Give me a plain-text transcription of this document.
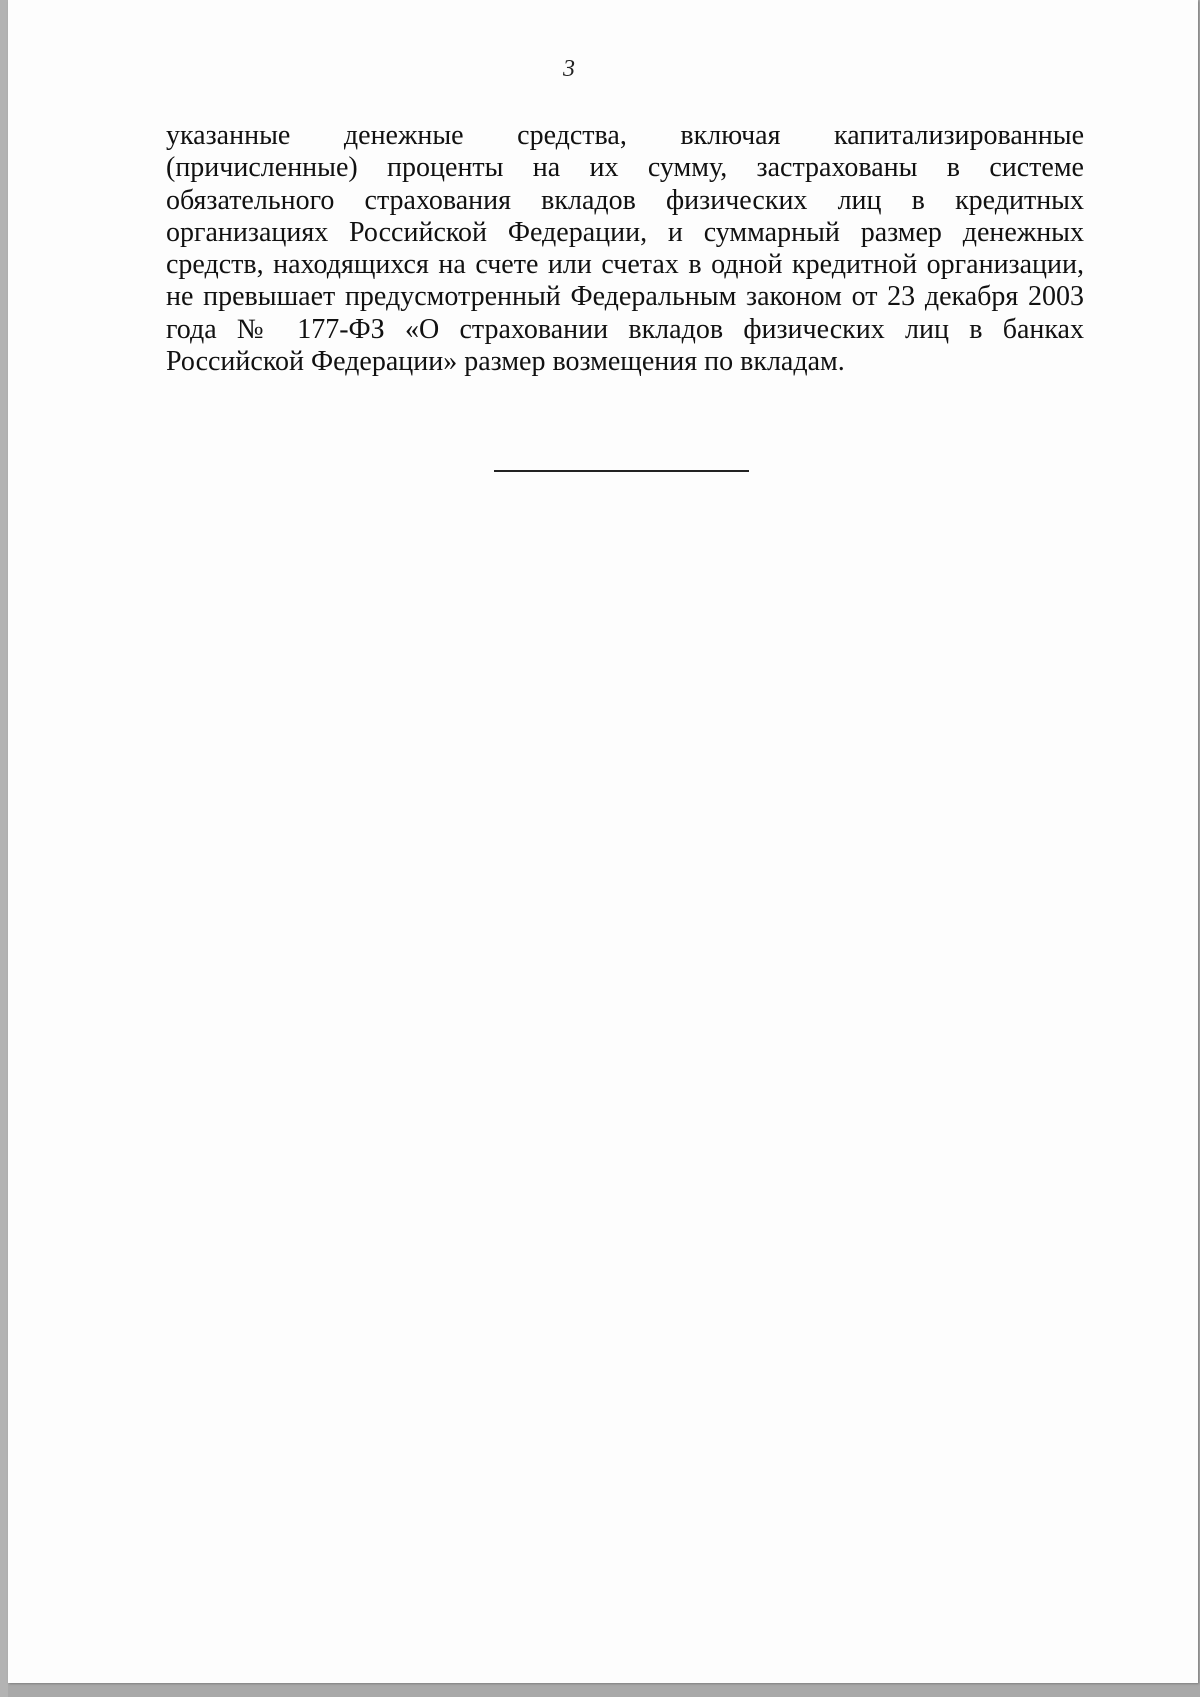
3

указанные денежные средства, включая капитализированные (причисленные) проценты на их сумму, застрахованы в системе обязательного страхования вкладов физических лиц в кредитных организациях Российской Федерации, и суммарный размер денежных средств, находящихся на счете или счетах в одной кредитной организации, не превышает предусмотренный Федеральным законом от 23 декабря 2003 года № 177-ФЗ «О страховании вкладов физических лиц в банках Российской Федерации» размер возмещения по вкладам.
